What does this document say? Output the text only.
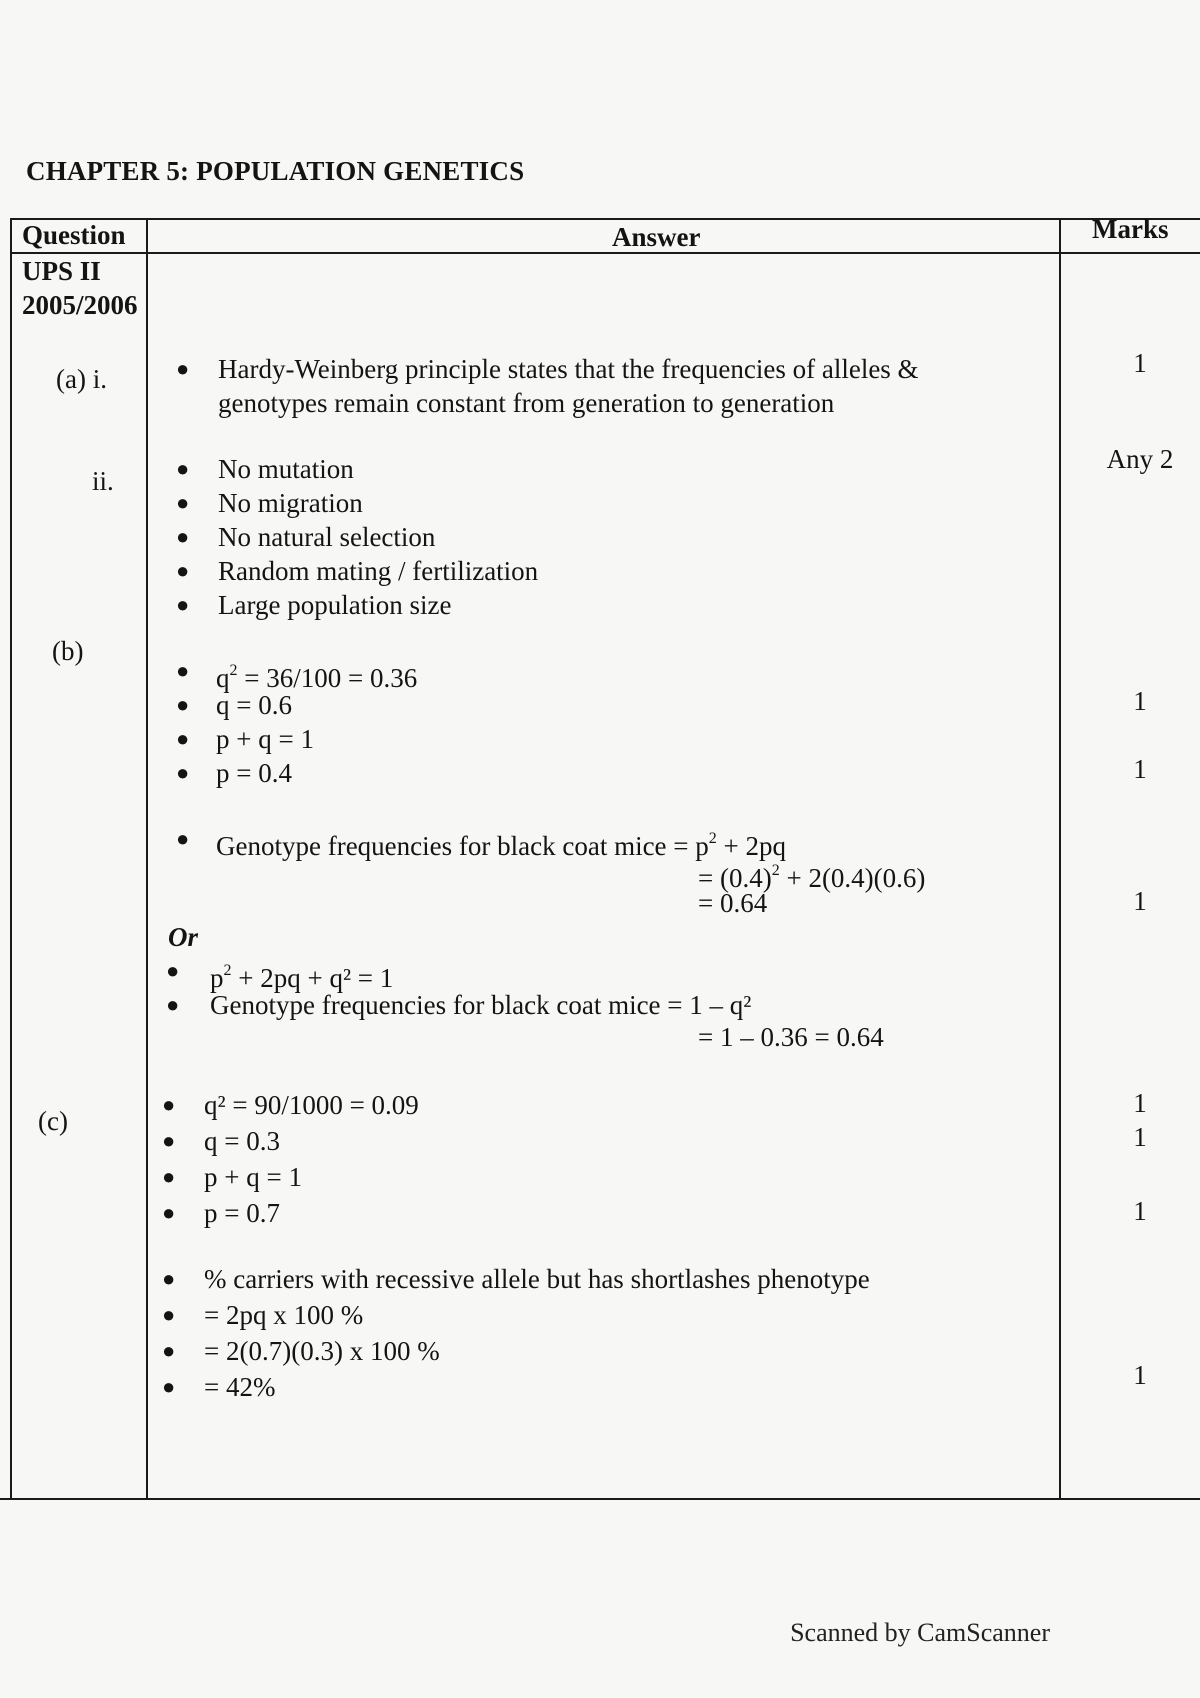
CHAPTER 5: POPULATION GENETICS
Question	Answer	Marks
UPS II
2005/2006
(a) i.
ii.
(b)
(c)
● Hardy-Weinberg principle states that the frequencies of alleles &
genotypes remain constant from generation to generation
1
● No mutation
● No migration
● No natural selection
● Random mating / fertilization
● Large population size
Any 2
● $q^2 = 36/100 = 0.36$
● q = 0.6
● p + q = 1
● p = 0.4
● Genotype frequencies for black coat mice = $p^2 + 2pq$
= $(0.4)^2 + 2(0.4)(0.6)$
= 0.64
Or
● $p^2 + 2pq + q^2 = 1$
● Genotype frequencies for black coat mice = 1 – q²
= 1 – 0.36 = 0.64
1
1
1
● q² = 90/1000 = 0.09
● q = 0.3
● p + q = 1
● p = 0.7
● % carriers with recessive allele but has shortlashes phenotype
● = 2pq x 100 %
● = 2(0.7)(0.3) x 100 %
● = 42%
1
1
1
1
Scanned by CamScanner
